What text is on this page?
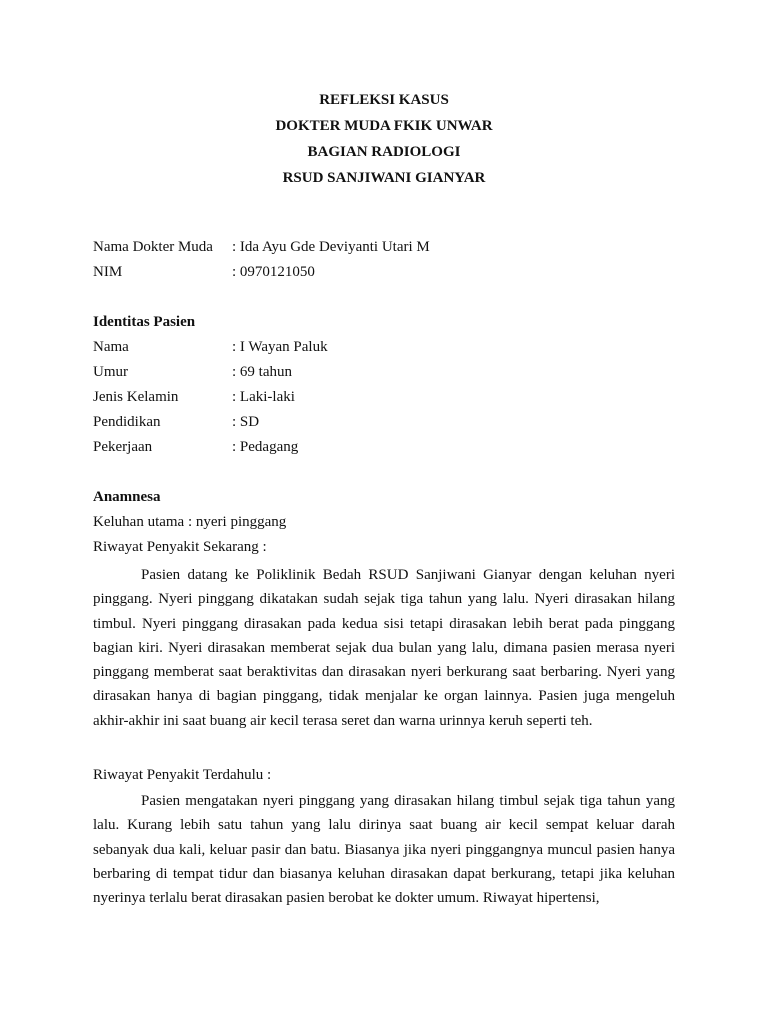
REFLEKSI KASUS
DOKTER MUDA FKIK UNWAR
BAGIAN RADIOLOGI
RSUD SANJIWANI GIANYAR
Nama Dokter Muda	: Ida Ayu Gde Deviyanti Utari M
NIM	: 0970121050
Identitas Pasien
Nama	: I Wayan Paluk
Umur	: 69 tahun
Jenis Kelamin	: Laki-laki
Pendidikan	: SD
Pekerjaan	: Pedagang
Anamnesa
Keluhan utama : nyeri pinggang
Riwayat Penyakit Sekarang :
Pasien datang ke Poliklinik Bedah RSUD Sanjiwani Gianyar dengan keluhan nyeri pinggang. Nyeri pinggang dikatakan sudah sejak tiga tahun yang lalu. Nyeri dirasakan hilang timbul. Nyeri pinggang dirasakan pada kedua sisi tetapi dirasakan lebih berat pada pinggang bagian kiri. Nyeri dirasakan memberat sejak dua bulan yang lalu, dimana pasien merasa nyeri pinggang memberat saat beraktivitas dan dirasakan nyeri berkurang saat berbaring. Nyeri yang dirasakan hanya di bagian pinggang, tidak menjalar ke organ lainnya. Pasien juga mengeluh akhir-akhir ini saat buang air kecil terasa seret dan warna urinnya keruh seperti teh.
Riwayat Penyakit Terdahulu :
Pasien mengatakan nyeri pinggang yang dirasakan hilang timbul sejak tiga tahun yang lalu. Kurang lebih satu tahun yang lalu dirinya saat buang air kecil sempat keluar darah sebanyak dua kali, keluar pasir dan batu. Biasanya jika nyeri pinggangnya muncul pasien hanya berbaring di tempat tidur dan biasanya keluhan dirasakan dapat berkurang, tetapi jika keluhan nyerinya terlalu berat dirasakan pasien berobat ke dokter umum. Riwayat hipertensi,
